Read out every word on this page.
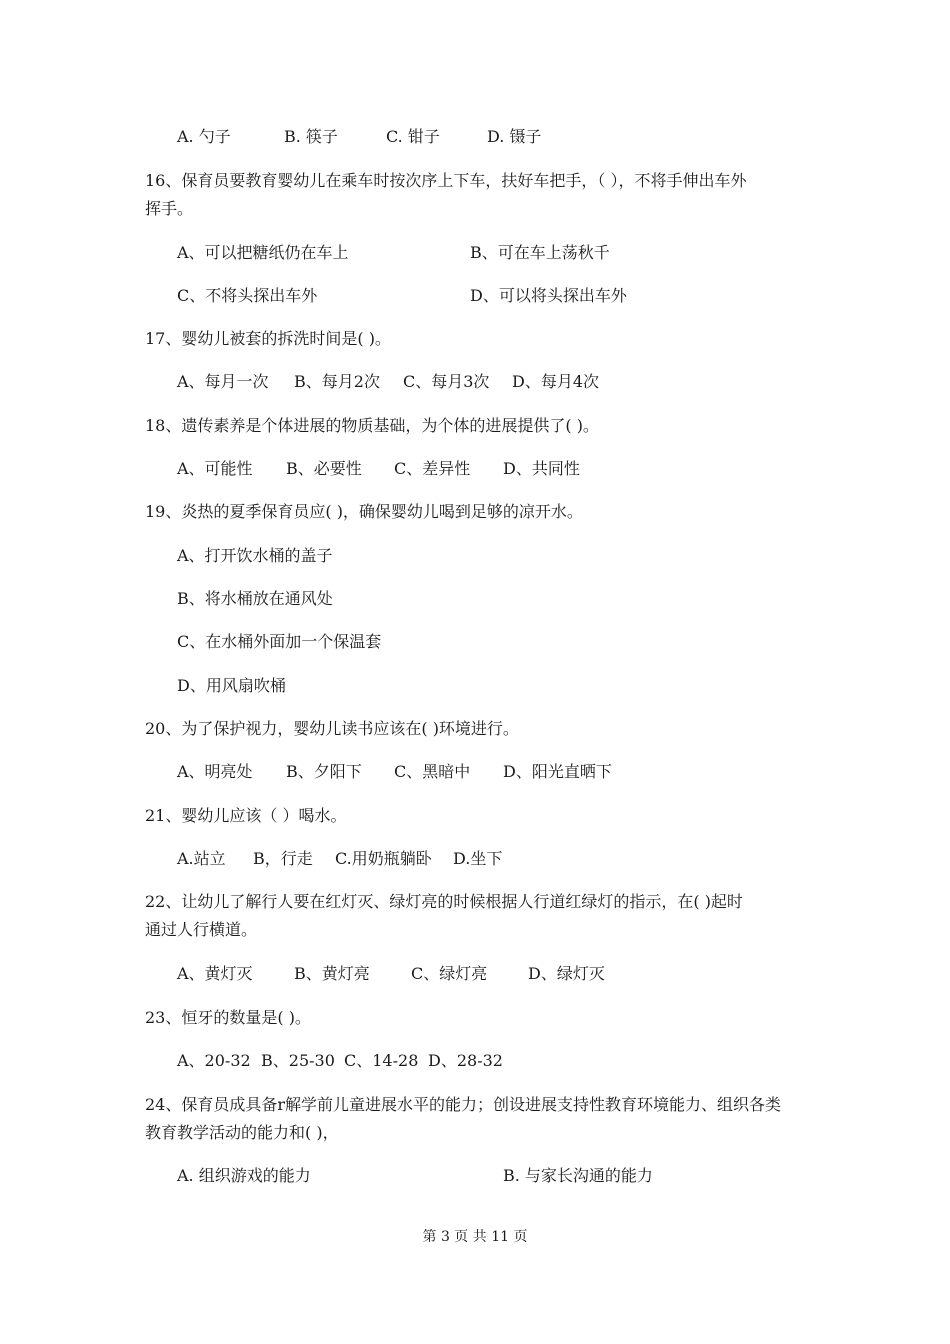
A. 勺子	B. 筷子	C. 钳子	D. 镊子
16、保育员要教育婴幼儿在乘车时按次序上下车，扶好车把手，（ ），不将手伸出车外
挥手。
A、可以把糖纸仍在车上	B、可在车上荡秋千
C、不将头探出车外	D、可以将头探出车外
17、婴幼儿被套的拆洗时间是( )。
A、每月一次 B、每月2次 C、每月3次 D、每月4次
18、遗传素养是个体进展的物质基础，为个体的进展提供了( )。
A、可能性 B、必要性 C、差异性 D、共同性
19、炎热的夏季保育员应( )，确保婴幼儿喝到足够的凉开水。
A、打开饮水桶的盖子
B、将水桶放在通风处
C、在水桶外面加一个保温套
D、用风扇吹桶
20、为了保护视力，婴幼儿读书应该在( )环境进行。
A、明亮处 B、夕阳下 C、黑暗中 D、阳光直晒下
21、婴幼儿应该（ ）喝水。
A.站立 B，行走 C.用奶瓶躺卧 D.坐下
22、让幼儿了解行人要在红灯灭、绿灯亮的时候根据人行道红绿灯的指示，在( )起时
通过人行横道。
A、黄灯灭	B、黄灯亮	C、绿灯亮	D、绿灯灭
23、恒牙的数量是( )。
A、20-32 B、25-30 C、14-28 D、28-32
24、保育员成具备r解学前儿童进展水平的能力；创设进展支持性教育环境能力、组织各类
教育教学活动的能力和( )，
A. 组织游戏的能力	B. 与家长沟通的能力
第 3 页 共 11 页
